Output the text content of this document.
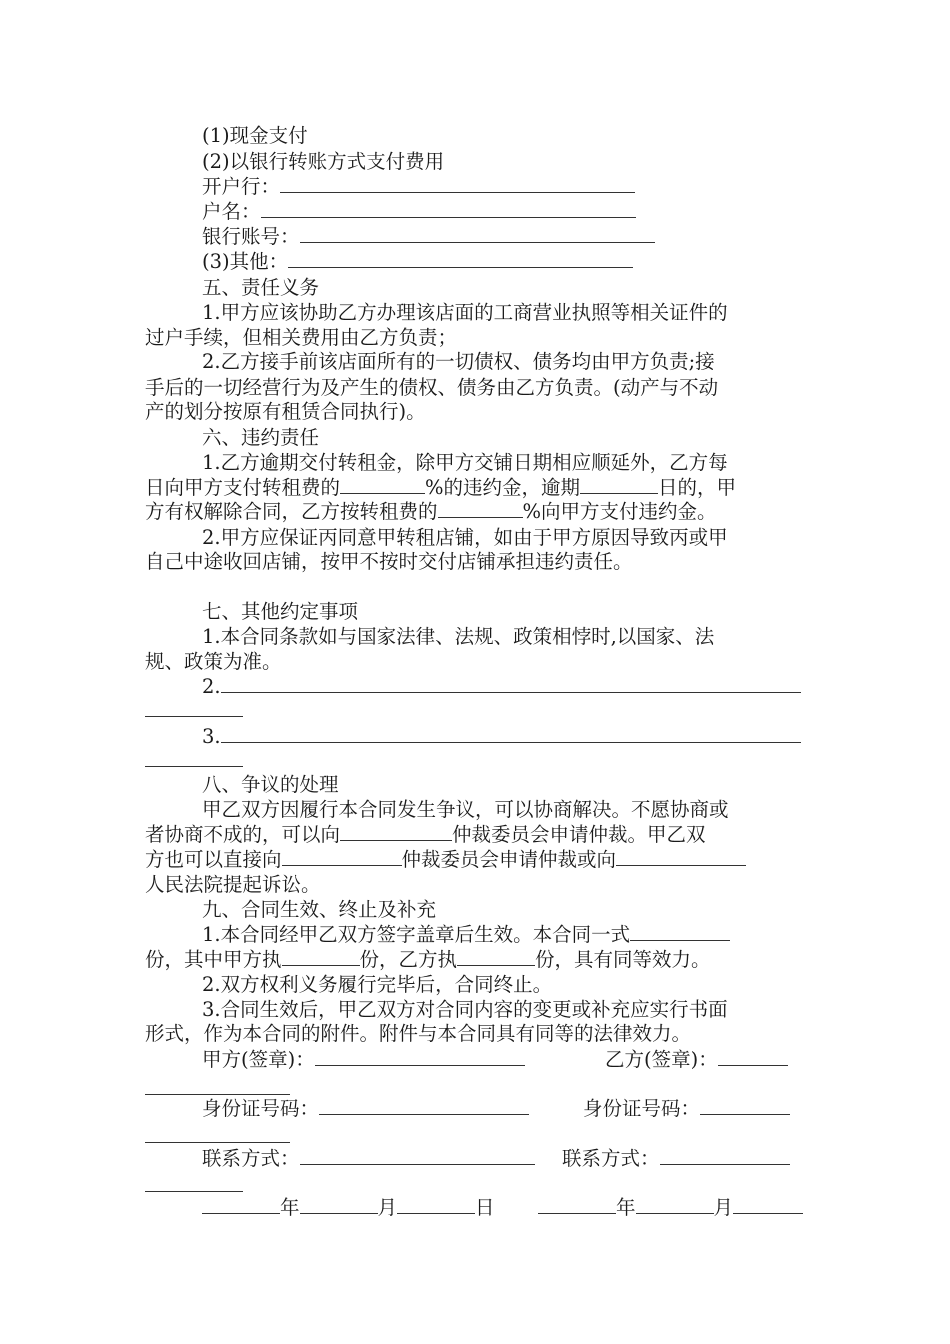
(1)现金支付
(2)以银行转账方式支付费用
开户行：
户名：
银行账号：
(3)其他：
五、责任义务
1.甲方应该协助乙方办理该店面的工商营业执照等相关证件的
过户手续，但相关费用由乙方负责；
2.乙方接手前该店面所有的一切债权、债务均由甲方负责;接
手后的一切经营行为及产生的债权、债务由乙方负责。(动产与不动
产的划分按原有租赁合同执行)。
六、违约责任
1.乙方逾期交付转租金，除甲方交铺日期相应顺延外，乙方每
日向甲方支付转租费的	%的违约金，逾期	日的，甲
方有权解除合同，乙方按转租费的	%向甲方支付违约金。
2.甲方应保证丙同意甲转租店铺，如由于甲方原因导致丙或甲
自己中途收回店铺，按甲不按时交付店铺承担违约责任。
七、其他约定事项
1.本合同条款如与国家法律、法规、政策相悖时,以国家、法
规、政策为准。
2.
3.
八、争议的处理
甲乙双方因履行本合同发生争议，可以协商解决。不愿协商或
者协商不成的，可以向	仲裁委员会申请仲裁。甲乙双
方也可以直接向	仲裁委员会申请仲裁或向
人民法院提起诉讼。
九、合同生效、终止及补充
1.本合同经甲乙双方签字盖章后生效。本合同一式
份，其中甲方执	份，乙方执	份，具有同等效力。
2.双方权利义务履行完毕后，合同终止。
3.合同生效后，甲乙双方对合同内容的变更或补充应实行书面
形式，作为本合同的附件。附件与本合同具有同等的法律效力。
甲方(签章)：	乙方(签章)：
身份证号码：	身份证号码：
联系方式：	联系方式：
年	月	日	年	月
